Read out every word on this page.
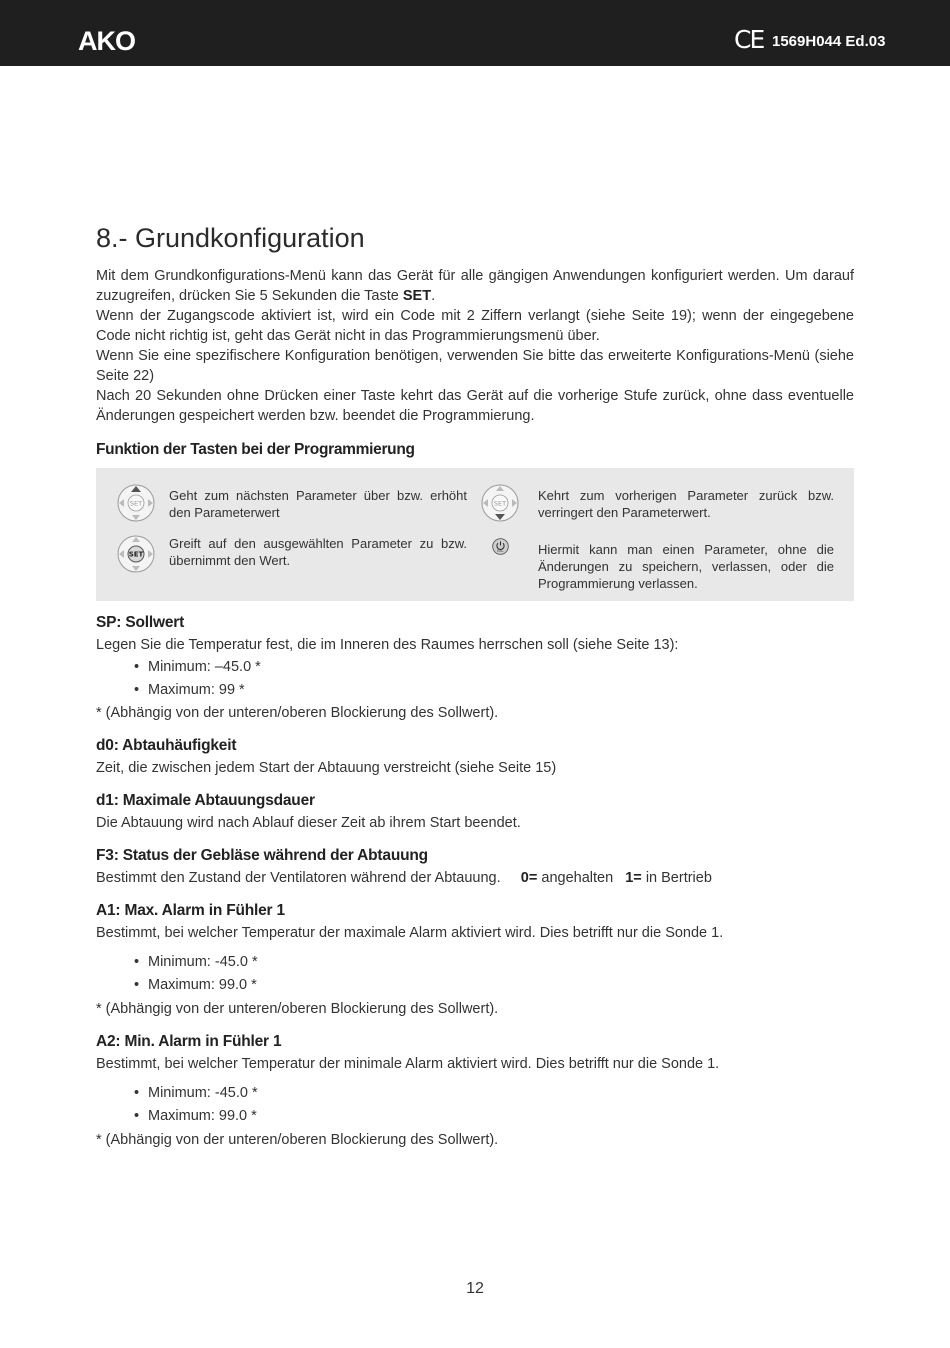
AKO	CE 1569H044 Ed.03
8.- Grundkonfiguration

Mit dem Grundkonfigurations-Menü kann das Gerät für alle gängigen Anwendungen konfiguriert werden. Um darauf zuzugreifen, drücken Sie 5 Sekunden die Taste SET.

Wenn der Zugangscode aktiviert ist, wird ein Code mit 2 Ziffern verlangt (siehe Seite 19); wenn der eingegebene Code nicht richtig ist, geht das Gerät nicht in das Programmierungsmenü über.

Wenn Sie eine spezifischere Konfiguration benötigen, verwenden Sie bitte das erweiterte Konfigurations-Menü (siehe Seite 22)

Nach 20 Sekunden ohne Drücken einer Taste kehrt das Gerät auf die vorherige Stufe zurück, ohne dass eventuelle Änderungen gespeichert werden bzw. beendet die Programmierung.

Funktion der Tasten bei der Programmierung
SET
Geht zum nächsten Parameter über bzw. erhöht den Parameterwert
SET
Kehrt zum vorherigen Parameter zurück bzw. verringert den Parameterwert.
SET
Greift auf den ausgewählten Parameter zu bzw. übernimmt den Wert.
ESC	Hiermit kann man einen Parameter, ohne die Änderungen zu speichern, verlassen, oder die Programmierung verlassen.
SP: Sollwert
Legen Sie die Temperatur fest, die im Inneren des Raumes herrschen soll (siehe Seite 13):
• Minimum: –45.0 *
• Maximum: 99 *
* (Abhängig von der unteren/oberen Blockierung des Sollwert).
d0: Abtauhäufigkeit
Zeit, die zwischen jedem Start der Abtauung verstreicht (siehe Seite 15)
d1: Maximale Abtauungsdauer
Die Abtauung wird nach Ablauf dieser Zeit ab ihrem Start beendet.
F3: Status der Gebläse während der Abtauung
Bestimmt den Zustand der Ventilatoren während der Abtauung. 0= angehalten 1= in Bertrieb
A1: Max. Alarm in Fühler 1
Bestimmt, bei welcher Temperatur der maximale Alarm aktiviert wird. Dies betrifft nur die Sonde 1.
• Minimum: -45.0 *
• Maximum: 99.0 *
* (Abhängig von der unteren/oberen Blockierung des Sollwert).
A2: Min. Alarm in Fühler 1
Bestimmt, bei welcher Temperatur der minimale Alarm aktiviert wird. Dies betrifft nur die Sonde 1.
• Minimum: -45.0 *
• Maximum: 99.0 *
* (Abhängig von der unteren/oberen Blockierung des Sollwert).
12
